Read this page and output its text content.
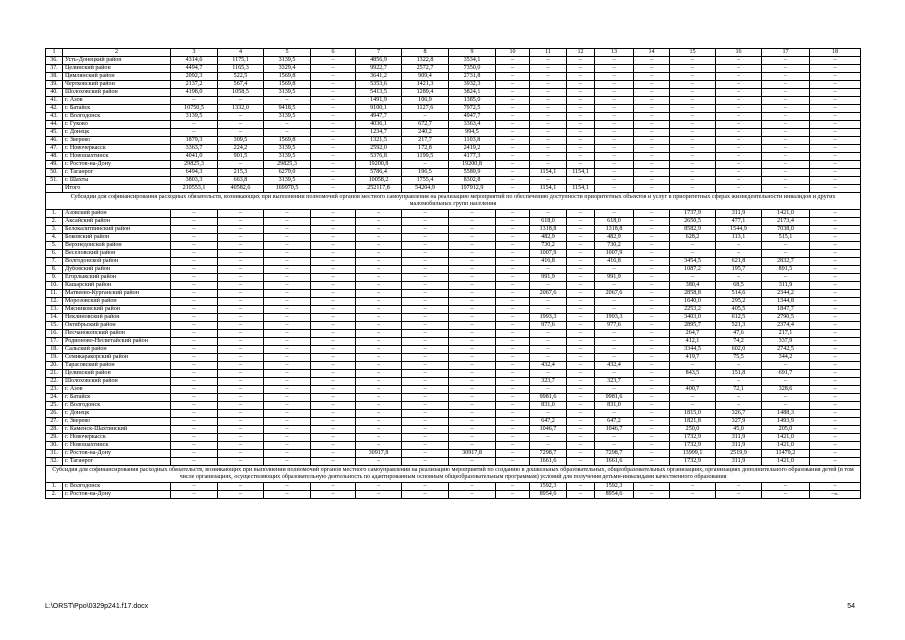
1	2	3	4	5	6	7	8	9	10	11	12	13	14	15	16	17	18
36.	Усть-Донецкий район	4314,6	1175,1	3139,5	–	4856,9	1322,8	3534,1	–	–	–	–	–	–	–	–	–
37.	Целинский район	4494,7	1165,3	3329,4	–	9922,7	2572,7	7350,0	–	–	–	–	–	–	–	–	–
38.	Цимлянский район	2092,3	522,5	1569,8	–	3641,2	909,4	2731,8	–	–	–	–	–	–	–	–	–
39.	Чертковский район	2137,2	567,4	1569,8	–	5353,6	1421,3	3932,3	–	–	–	–	–	–	–	–	–
40.	Шолоховский район	4198,0	1058,5	3139,5	–	5413,5	1289,4	3824,1	–	–	–	–	–	–	–	–	–
41.	г. Азов	–	–	–	–	1491,9	106,9	1385,0	–	–	–	–	–	–	–	–	–
42.	г. Батайск	10750,5	1332,0	9418,5	–	9100,1	1127,6	7972,5	–	–	–	–	–	–	–	–	–
43.	г. Волгодонск	3139,5	–	3139,5	–	4947,7	–	4947,7	–	–	–	–	–	–	–	–	–
44.	г. Гуково	–	–	–	–	4036,1	672,7	3363,4	–	–	–	–	–	–	–	–	–
45.	г. Донецк	–	–	–	–	1234,7	240,2	994,5	–	–	–	–	–	–	–	–	–
46.	г. Зверево	1879,3	309,5	1569,8	–	1321,5	217,7	1103,8	–	–	–	–	–	–	–	–	–
47.	г. Новочеркасск	3363,7	224,2	3139,5	–	2592,0	172,8	2419,2	–	–	–	–	–	–	–	–	–
48.	г. Новошахтинск	4041,0	901,5	3139,5	–	5376,8	1199,5	4177,3	–	–	–	–	–	–	–	–	–
49.	г. Ростов-на-Дону	29825,3	–	29825,3	–	19200,8	–	19200,8	–	–	–	–	–	–	–	–	–
50.	г. Таганрог	6494,3	215,3	6279,0	–	5786,4	196,5	5589,9	–	1154,1	1154,1	–	–	–	–	–	–
51.	г. Шахты	3803,3	663,8	3139,5	–	10058,2	1755,4	8302,8	–	–	–	–	–	–	–	–	–
	Итого	210553,1	40582,6	169970,5	–	252117,8	54204,9	197912,9	–	1154,1	1154,1	–	–	–	–	–	–
Субсидии для софинансирования расходных обязательств, возникающих при выполнении полномочий органов местного самоуправления на реализацию мероприятий по обеспечению доступности приоритетных объектов и услуг в приоритетных сферах жизнедеятельности инвалидов и других маломобильных групп населения																	
1.	Азовский район	–	–	–	–	–	–	–	–	–	–	–	–	1737,9	311,9	1421,0	–
2.	Аксайский район	–	–	–	–	–	–	–	–	618,0	–	618,0	–	2650,5	477,1	2173,4	–
3.	Белокалитвинский район	–	–	–	–	–	–	–	–	1318,8	–	1318,8	–	8582,9	1544,9	7038,0	–
4.	Боковский район	–	–	–	–	–	–	–	–	482,9	–	482,9	–	628,2	113,1	515,1	–
5.	Верхнедонской район	–	–	–	–	–	–	–	–	730,2	–	730,2	–	–	–	–	–
6.	Веселовский район	–	–	–	–	–	–	–	–	1007,9	–	1007,9	–	–	–	–	–
7.	Волгодонской район	–	–	–	–	–	–	–	–	416,8	–	416,8	–	3454,5	621,8	2832,7	–
8.	Дубовский район	–	–	–	–	–	–	–	–	–	–	–	–	1087,2	195,7	891,5	–
9.	Егорлыкский район	–	–	–	–	–	–	–	–	991,9	–	991,9	–	–	–	–	–
10.	Кашарский район	–	–	–	–	–	–	–	–	–	–	–	–	380,4	68,5	311,9	–
11.	Матвеево-Курганский район	–	–	–	–	–	–	–	–	2067,6	–	2067,6	–	2858,8	514,6	2344,2	–
12.	Морозовский район	–	–	–	–	–	–	–	–	–	–	–	–	1640,0	295,2	1344,8	–
13.	Мясниковский район	–	–	–	–	–	–	–	–	–	–	–	–	2253,2	405,5	1847,7	–
14.	Неклиновский район	–	–	–	–	–	–	–	–	1993,3	–	1993,3	–	3403,0	612,5	2790,5	–
15.	Октябрьский район	–	–	–	–	–	–	–	–	977,6	–	977,6	–	2895,7	521,3	2374,4	–
16.	Песчанокопский район	–	–	–	–	–	–	–	–	–	–	–	–	264,7	47,6	217,1	–
17.	Родионово-Несветайский район	–	–	–	–	–	–	–	–	–	–	–	–	412,1	74,2	337,9	–
18.	Сальский район	–	–	–	–	–	–	–	–	–	–	–	–	3344,5	602,0	2742,5	–
19.	Семикаракорский район	–	–	–	–	–	–	–	–	–	–	–	–	419,7	75,5	344,2	–
20.	Тарасовский район	–	–	–	–	–	–	–	–	432,4	–	432,4	–	–	–	–	–
21.	Целинский район	–	–	–	–	–	–	–	–	–	–	–	–	843,5	151,8	691,7	–
22.	Шолоховский район	–	–	–	–	–	–	–	–	323,7	–	323,7	–	–	–	–	–
23.	г. Азов	–	–	–	–	–	–	–	–	–	–	–	–	400,7	72,1	328,6	–
24.	г. Батайск	–	–	–	–	–	–	–	–	9981,6	–	9981,6	–	–	–	–	–
25.	г. Волгодонск	–	–	–	–	–	–	–	–	831,0	–	831,0	–	–	–	–	–
26.	г. Донецк	–	–	–	–	–	–	–	–	–	–	–	–	1815,0	326,7	1488,3	–
27.	г. Зверево	–	–	–	–	–	–	–	–	647,2	–	647,2	–	1821,8	327,9	1493,9	–
28.	г. Каменск-Шахтинский	–	–	–	–	–	–	–	–	1046,7	–	1046,7	–	250,0	45,0	205,0	–
29.	г. Новочеркасск	–	–	–	–	–	–	–	–	–	–	–	–	1732,9	311,9	1421,0	–
30.	г. Новошахтинск	–	–	–	–	–	–	–	–	–	–	–	–	1732,9	311,9	1421,0	–
31.	г. Ростов-на-Дону	–	–	–	–	30917,8	–	30917,8	–	7298,7	–	7298,7	–	13999,1	2519,9	11479,2	–
32.	г. Таганрог	–	–	–	–	–	–	–	–	1661,6	–	1661,6	–	1732,9	311,9	1421,0	–
Субсидия для софинансирования расходных обязательств, возникающих при выполнении полномочий органов местного самоуправления на реализацию мероприятий по созданию в дошкольных образовательных, общеобразовательных организациях, организациях дополнительного образования детей (в том числе организациях, осуществляющих образовательную деятельность по адаптированным основным общеобразовательным программам) условий для получения детьми-инвалидами качественного образования																	
1.	г. Волгодонск	–	–	–	–	–	–	–	–	1592,3	–	1592,3	–	–	–	–	–
2.	г. Ростов-на-Дону	–	–	–	–	–	–	–	–	8954,6	–	8954,6	–	–	–	–	–».
L:\ORST\Ppo\0329p241.f17.docx	54
